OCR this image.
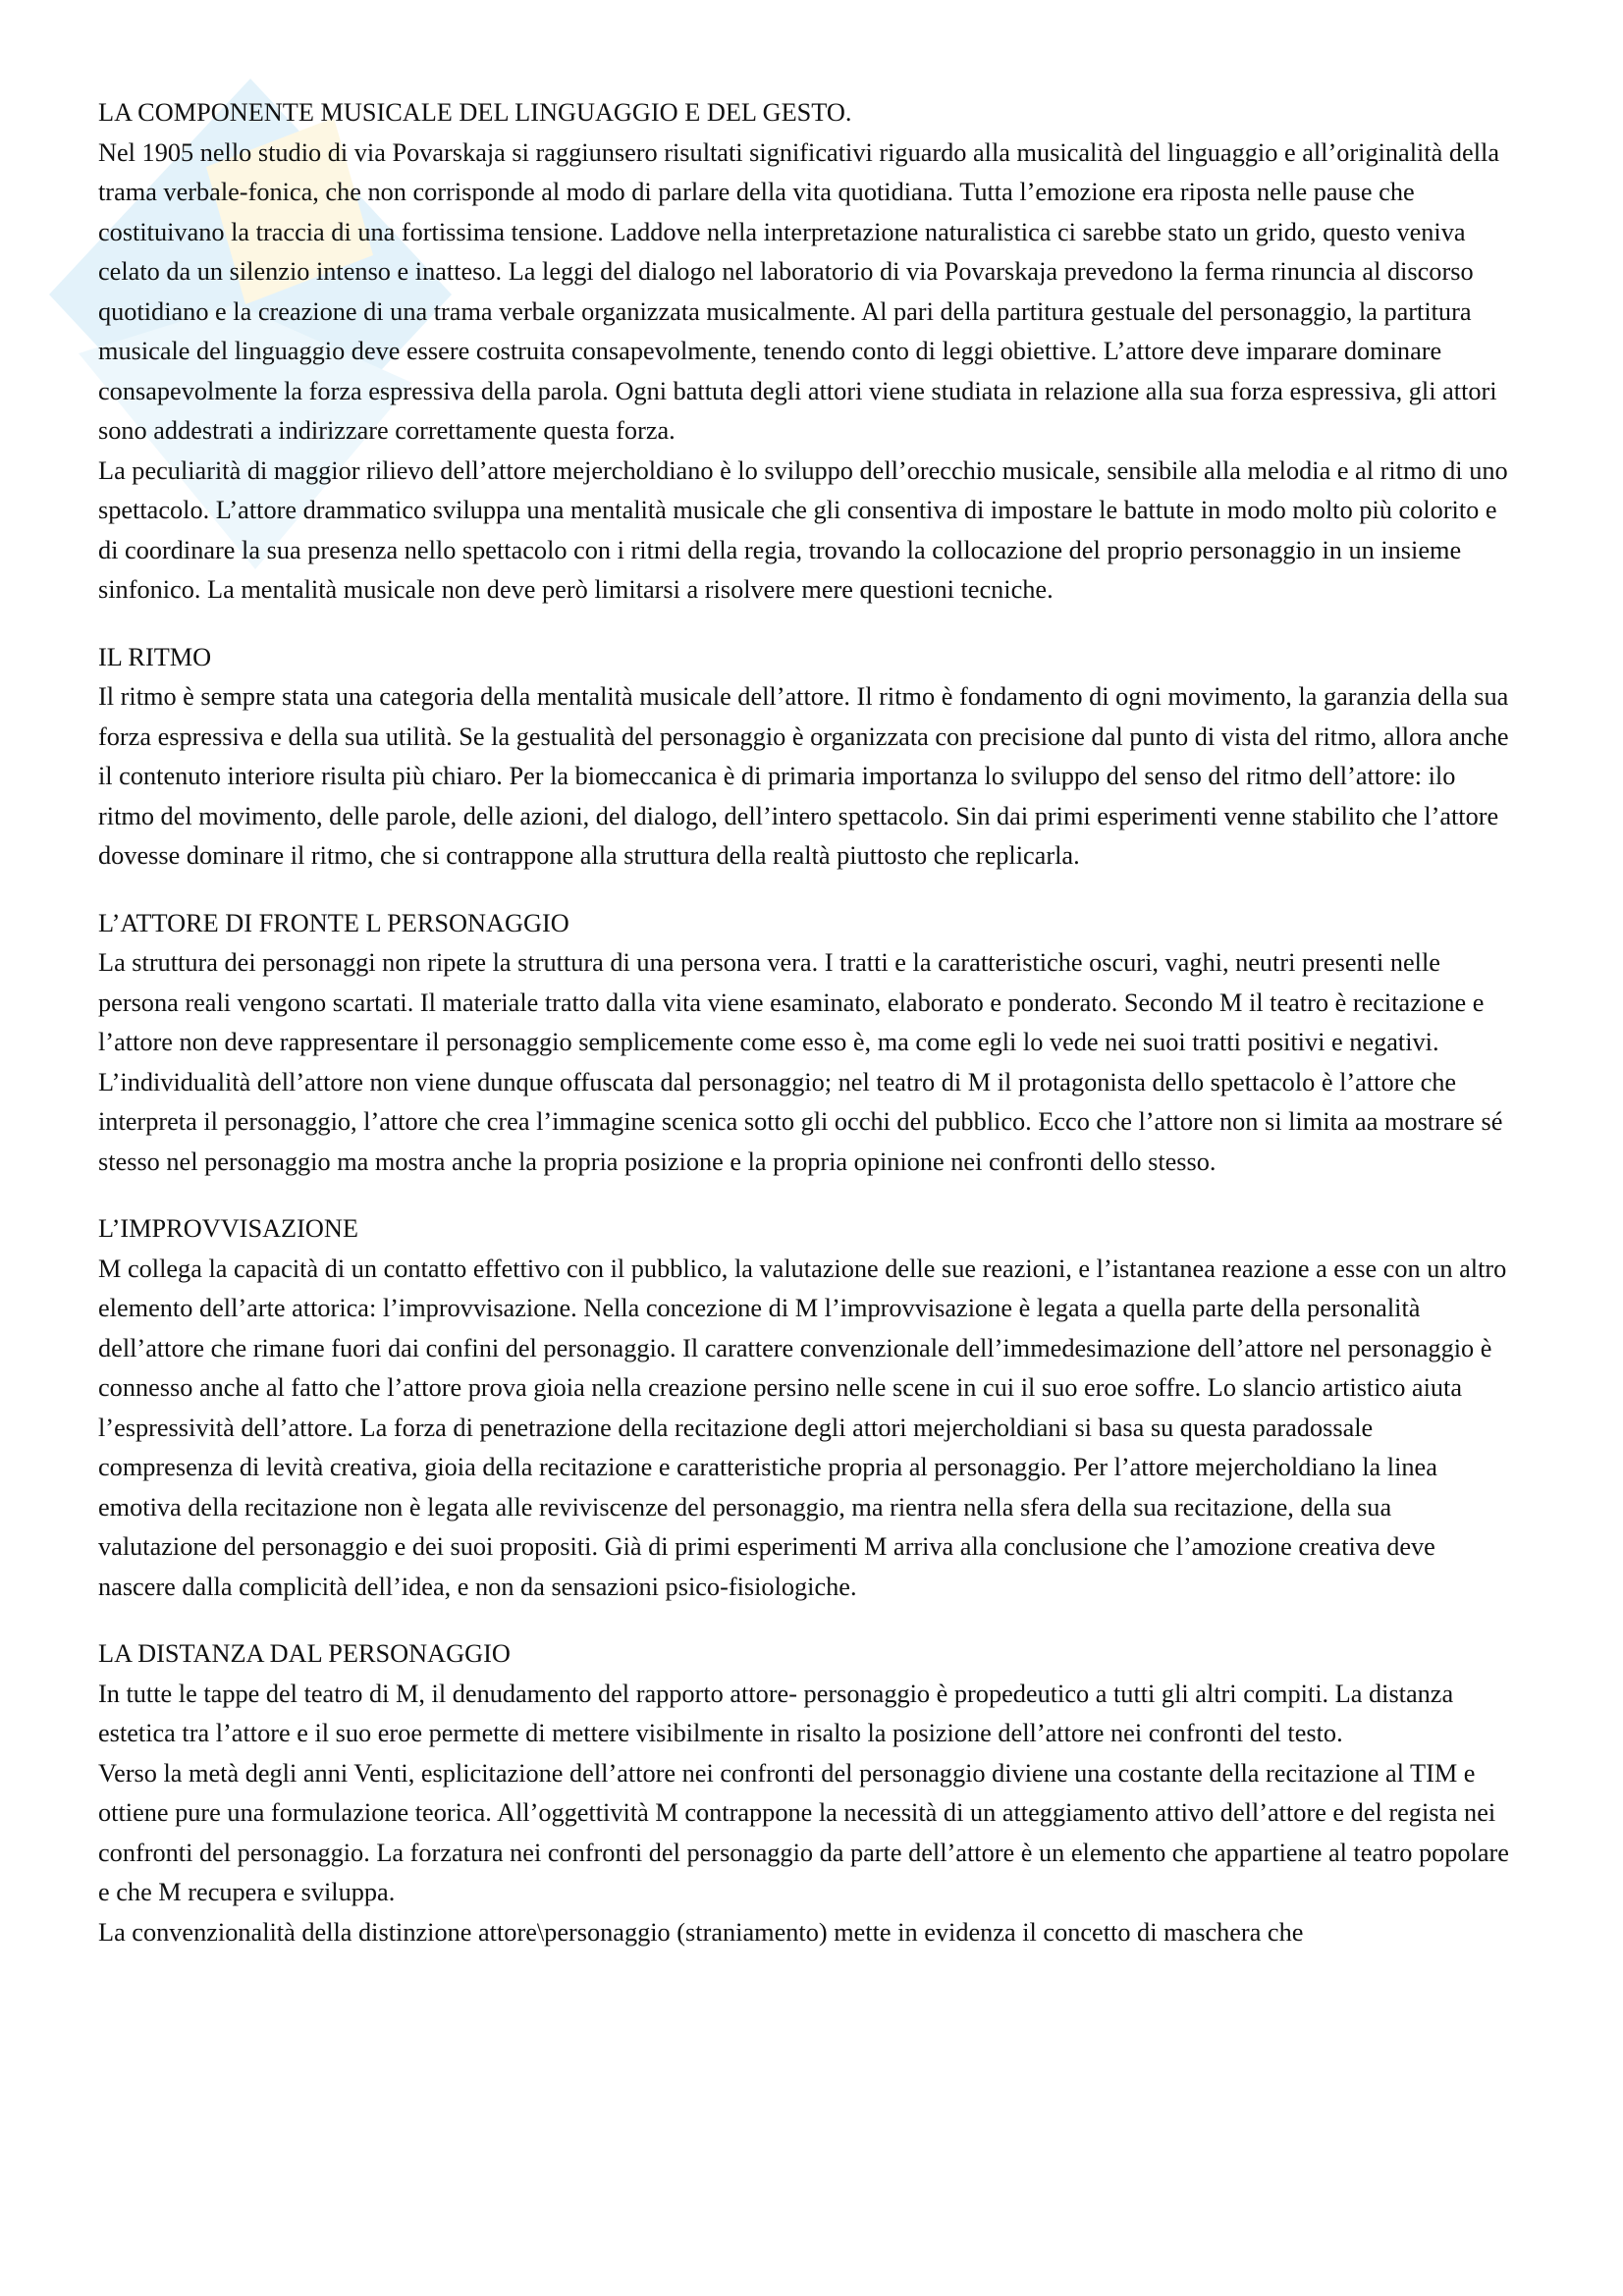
LA COMPONENTE MUSICALE DEL LINGUAGGIO E DEL GESTO.

Nel 1905 nello studio di via Povarskaja si raggiunsero risultati significativi riguardo alla musicalità del linguaggio e all’originalità della trama verbale-fonica, che non corrisponde al modo di parlare della vita quotidiana. Tutta l’emozione era riposta nelle pause che costituivano la traccia di una fortissima tensione. Laddove nella interpretazione naturalistica ci sarebbe stato un grido, questo veniva celato da un silenzio intenso e inatteso. La leggi del dialogo nel laboratorio di via Povarskaja prevedono la ferma rinuncia al discorso quotidiano e la creazione di una trama verbale organizzata musicalmente. Al pari della partitura gestuale del personaggio, la partitura musicale del linguaggio deve essere costruita consapevolmente, tenendo conto di leggi obiettive. L’attore deve imparare dominare consapevolmente la forza espressiva della parola. Ogni battuta degli attori viene studiata in relazione alla sua forza espressiva, gli attori sono addestrati a indirizzare correttamente questa forza.

La peculiarità di maggior rilievo dell’attore mejercholdiano è lo sviluppo dell’orecchio musicale, sensibile alla melodia e al ritmo di uno spettacolo. L’attore drammatico sviluppa una mentalità musicale che gli consentiva di impostare le battute in modo molto più colorito e di coordinare la sua presenza nello spettacolo con i ritmi della regia, trovando la collocazione del proprio personaggio in un insieme sinfonico. La mentalità musicale non deve però limitarsi a risolvere mere questioni tecniche.

IL RITMO

Il ritmo è sempre stata una categoria della mentalità musicale dell’attore. Il ritmo è fondamento di ogni movimento, la garanzia della sua forza espressiva e della sua utilità. Se la gestualità del personaggio è organizzata con precisione dal punto di vista del ritmo, allora anche il contenuto interiore risulta più chiaro. Per la biomeccanica è di primaria importanza lo sviluppo del senso del ritmo dell’attore: ilo ritmo del movimento, delle parole, delle azioni, del dialogo, dell’intero spettacolo. Sin dai primi esperimenti venne stabilito che l’attore dovesse dominare il ritmo, che si contrappone alla struttura della realtà piuttosto che replicarla.

L’ATTORE DI FRONTE L PERSONAGGIO

La struttura dei personaggi non ripete la struttura di una persona vera. I tratti e la caratteristiche oscuri, vaghi, neutri presenti nelle persona reali vengono scartati. Il materiale tratto dalla vita viene esaminato, elaborato e ponderato. Secondo M il teatro è recitazione e l’attore non deve rappresentare il personaggio semplicemente come esso è, ma come egli lo vede nei suoi tratti positivi e negativi. L’individualità dell’attore non viene dunque offuscata dal personaggio; nel teatro di M il protagonista dello spettacolo è l’attore che interpreta il personaggio, l’attore che crea l’immagine scenica sotto gli occhi del pubblico. Ecco che l’attore non si limita aa mostrare sé stesso nel personaggio ma mostra anche la propria posizione e la propria opinione nei confronti dello stesso.

L’IMPROVVISAZIONE

M collega la capacità di un contatto effettivo con il pubblico, la valutazione delle sue reazioni, e l’istantanea reazione a esse con un altro elemento dell’arte attorica: l’improvvisazione. Nella concezione di M l’improvvisazione è legata a quella parte della personalità dell’attore che rimane fuori dai confini del personaggio. Il carattere convenzionale dell’immedesimazione dell’attore nel personaggio è connesso anche al fatto che l’attore prova gioia nella creazione persino nelle scene in cui il suo eroe soffre. Lo slancio artistico aiuta l’espressività dell’attore. La forza di penetrazione della recitazione degli attori mejercholdiani si basa su questa paradossale compresenza di levità creativa, gioia della recitazione e caratteristiche propria al personaggio. Per l’attore mejercholdiano la linea emotiva della recitazione non è legata alle reviviscenze del personaggio, ma rientra nella sfera della sua recitazione, della sua valutazione del personaggio e dei suoi propositi. Già di primi esperimenti M arriva alla conclusione che l’amozione creativa deve nascere dalla complicità dell’idea, e non da sensazioni psico-fisiologiche.

LA DISTANZA DAL PERSONAGGIO

In tutte le tappe del teatro di M, il denudamento del rapporto attore- personaggio è propedeutico a tutti gli altri compiti. La distanza estetica tra l’attore e il suo eroe permette di mettere visibilmente in risalto la posizione dell’attore nei confronti del testo.

Verso la metà degli anni Venti, esplicitazione dell’attore nei confronti del personaggio diviene una costante della recitazione al TIM e ottiene pure una formulazione teorica. All’oggettività M contrappone la necessità di un atteggiamento attivo dell’attore e del regista nei confronti del personaggio. La forzatura nei confronti del personaggio da parte dell’attore è un elemento che appartiene al teatro popolare e che M recupera e sviluppa.

La convenzionalità della distinzione attore\personaggio (straniamento) mette in evidenza il concetto di maschera che
